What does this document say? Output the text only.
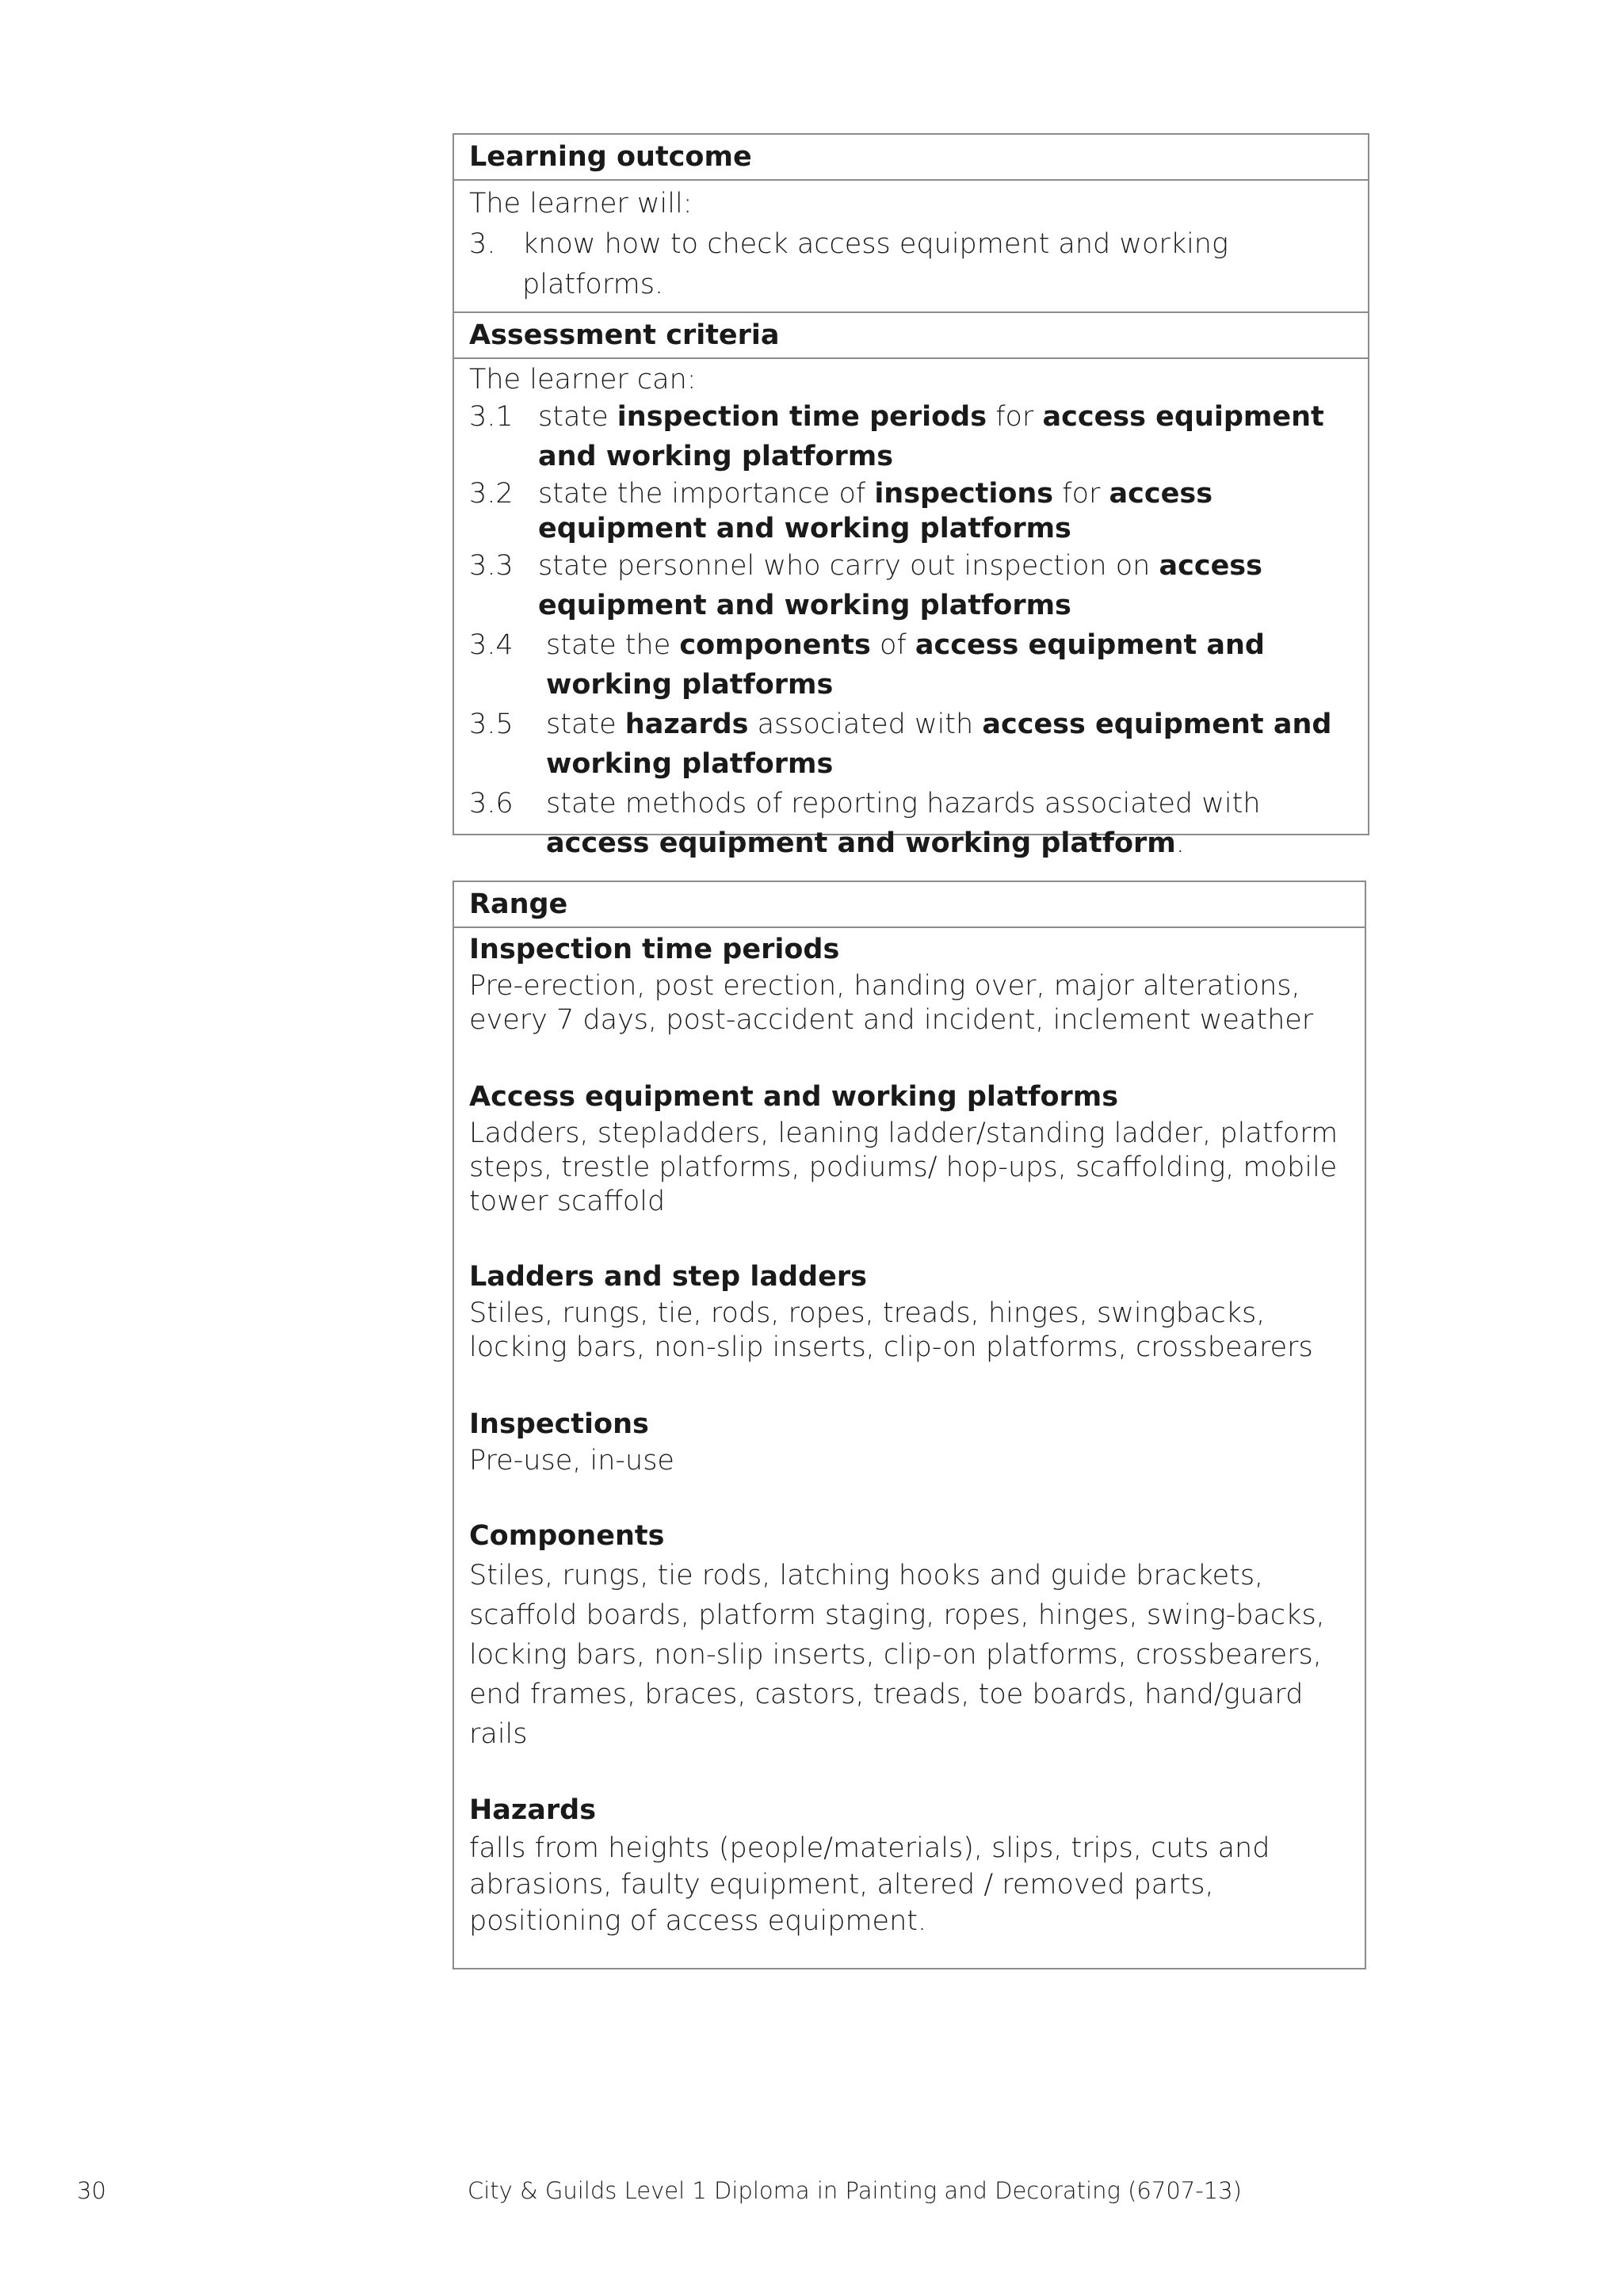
Learning outcome
The learner will:
3. know how to check access equipment and working platforms.
Assessment criteria
The learner can:
3.1 state inspection time periods for access equipment and working platforms
3.2 state the importance of inspections for access equipment and working platforms
3.3 state personnel who carry out inspection on access equipment and working platforms
3.4	state the components of access equipment and working platforms
3.5	state hazards associated with access equipment and working platforms
3.6	state methods of reporting hazards associated with access equipment and working platform.
Range
Inspection time periods
Pre-erection, post erection, handing over, major alterations, every 7 days, post-accident and incident, inclement weather
Access equipment and working platforms
Ladders, stepladders, leaning ladder/standing ladder, platform steps, trestle platforms, podiums/ hop-ups, scaffolding, mobile tower scaffold
Ladders and step ladders
Stiles, rungs, tie, rods, ropes, treads, hinges, swingbacks, locking bars, non-slip inserts, clip-on platforms, crossbearers
Inspections
Pre-use, in-use
Components
Stiles, rungs, tie rods, latching hooks and guide brackets, scaffold boards, platform staging, ropes, hinges, swing-backs, locking bars, non-slip inserts, clip-on platforms, crossbearers, end frames, braces, castors, treads, toe boards, hand/guard rails
Hazards
falls from heights (people/materials), slips, trips, cuts and abrasions, faulty equipment, altered / removed parts, positioning of access equipment.
30	City & Guilds Level 1 Diploma in Painting and Decorating (6707-13)
